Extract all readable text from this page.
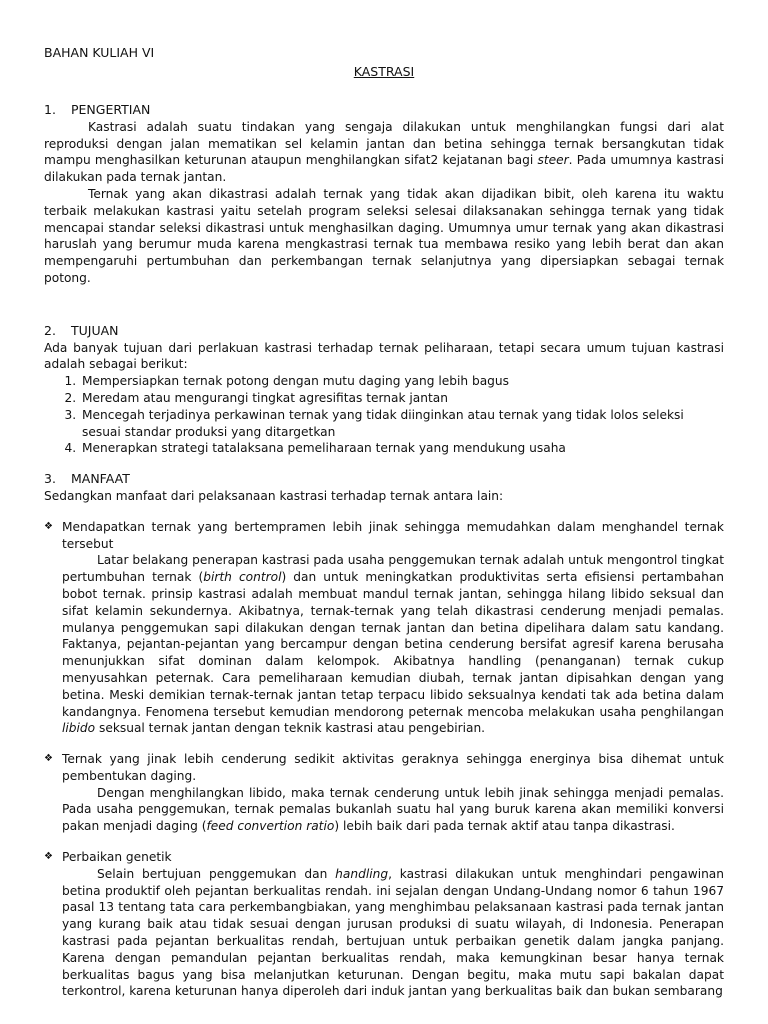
BAHAN KULIAH VI
KASTRASI
1. PENGERTIAN

Kastrasi adalah suatu tindakan yang sengaja dilakukan untuk menghilangkan fungsi dari alat reproduksi dengan jalan mematikan sel kelamin jantan dan betina sehingga ternak bersangkutan tidak mampu menghasilkan keturunan ataupun menghilangkan sifat2 kejatanan bagi steer. Pada umumnya kastrasi dilakukan pada ternak jantan.

Ternak yang akan dikastrasi adalah ternak yang tidak akan dijadikan bibit, oleh karena itu waktu terbaik melakukan kastrasi yaitu setelah program seleksi selesai dilaksanakan sehingga ternak yang tidak mencapai standar seleksi dikastrasi untuk menghasilkan daging. Umumnya umur ternak yang akan dikastrasi haruslah yang berumur muda karena mengkastrasi ternak tua membawa resiko yang lebih berat dan akan mempengaruhi pertumbuhan dan perkembangan ternak selanjutnya yang dipersiapkan sebagai ternak potong.

2. TUJUAN

Ada banyak tujuan dari perlakuan kastrasi terhadap ternak peliharaan, tetapi secara umum tujuan kastrasi adalah sebagai berikut:

1. Mempersiapkan ternak potong dengan mutu daging yang lebih bagus
2. Meredam atau mengurangi tingkat agresifitas ternak jantan
3. Mencegah terjadinya perkawinan ternak yang tidak diinginkan atau ternak yang tidak lolos seleksi sesuai standar produksi yang ditargetkan
4. Menerapkan strategi tatalaksana pemeliharaan ternak yang mendukung usaha
3. MANFAAT

Sedangkan manfaat dari pelaksanaan kastrasi terhadap ternak antara lain:

❖ Mendapatkan ternak yang bertempramen lebih jinak sehingga memudahkan dalam menghandel ternak tersebut

Latar belakang penerapan kastrasi pada usaha penggemukan ternak adalah untuk mengontrol tingkat pertumbuhan ternak (birth control) dan untuk meningkatkan produktivitas serta efisiensi pertambahan bobot ternak. prinsip kastrasi adalah membuat mandul ternak jantan, sehingga hilang libido seksual dan sifat kelamin sekundernya. Akibatnya, ternak-ternak yang telah dikastrasi cenderung menjadi pemalas. mulanya penggemukan sapi dilakukan dengan ternak jantan dan betina dipelihara dalam satu kandang. Faktanya, pejantan-pejantan yang bercampur dengan betina cenderung bersifat agresif karena berusaha menunjukkan sifat dominan dalam kelompok. Akibatnya handling (penanganan) ternak cukup menyusahkan peternak. Cara pemeliharaan kemudian diubah, ternak jantan dipisahkan dengan yang betina. Meski demikian ternak-ternak jantan tetap terpacu libido seksualnya kendati tak ada betina dalam kandangnya. Fenomena tersebut kemudian mendorong peternak mencoba melakukan usaha penghilangan libido seksual ternak jantan dengan teknik kastrasi atau pengebirian.

❖ Ternak yang jinak lebih cenderung sedikit aktivitas geraknya sehingga energinya bisa dihemat untuk pembentukan daging.

Dengan menghilangkan libido, maka ternak cenderung untuk lebih jinak sehingga menjadi pemalas. Pada usaha penggemukan, ternak pemalas bukanlah suatu hal yang buruk karena akan memiliki konversi pakan menjadi daging (feed convertion ratio) lebih baik dari pada ternak aktif atau tanpa dikastrasi.

❖ Perbaikan genetik

Selain bertujuan penggemukan dan handling, kastrasi dilakukan untuk menghindari pengawinan betina produktif oleh pejantan berkualitas rendah. ini sejalan dengan Undang-Undang nomor 6 tahun 1967 pasal 13 tentang tata cara perkembangbiakan, yang menghimbau pelaksanaan kastrasi pada ternak jantan yang kurang baik atau tidak sesuai dengan jurusan produksi di suatu wilayah, di Indonesia. Penerapan kastrasi pada pejantan berkualitas rendah, bertujuan untuk perbaikan genetik dalam jangka panjang. Karena dengan pemandulan pejantan berkualitas rendah, maka kemungkinan besar hanya ternak berkualitas bagus yang bisa melanjutkan keturunan. Dengan begitu, maka mutu sapi bakalan dapat terkontrol, karena keturunan hanya diperoleh dari induk jantan yang berkualitas baik dan bukan sembarang
